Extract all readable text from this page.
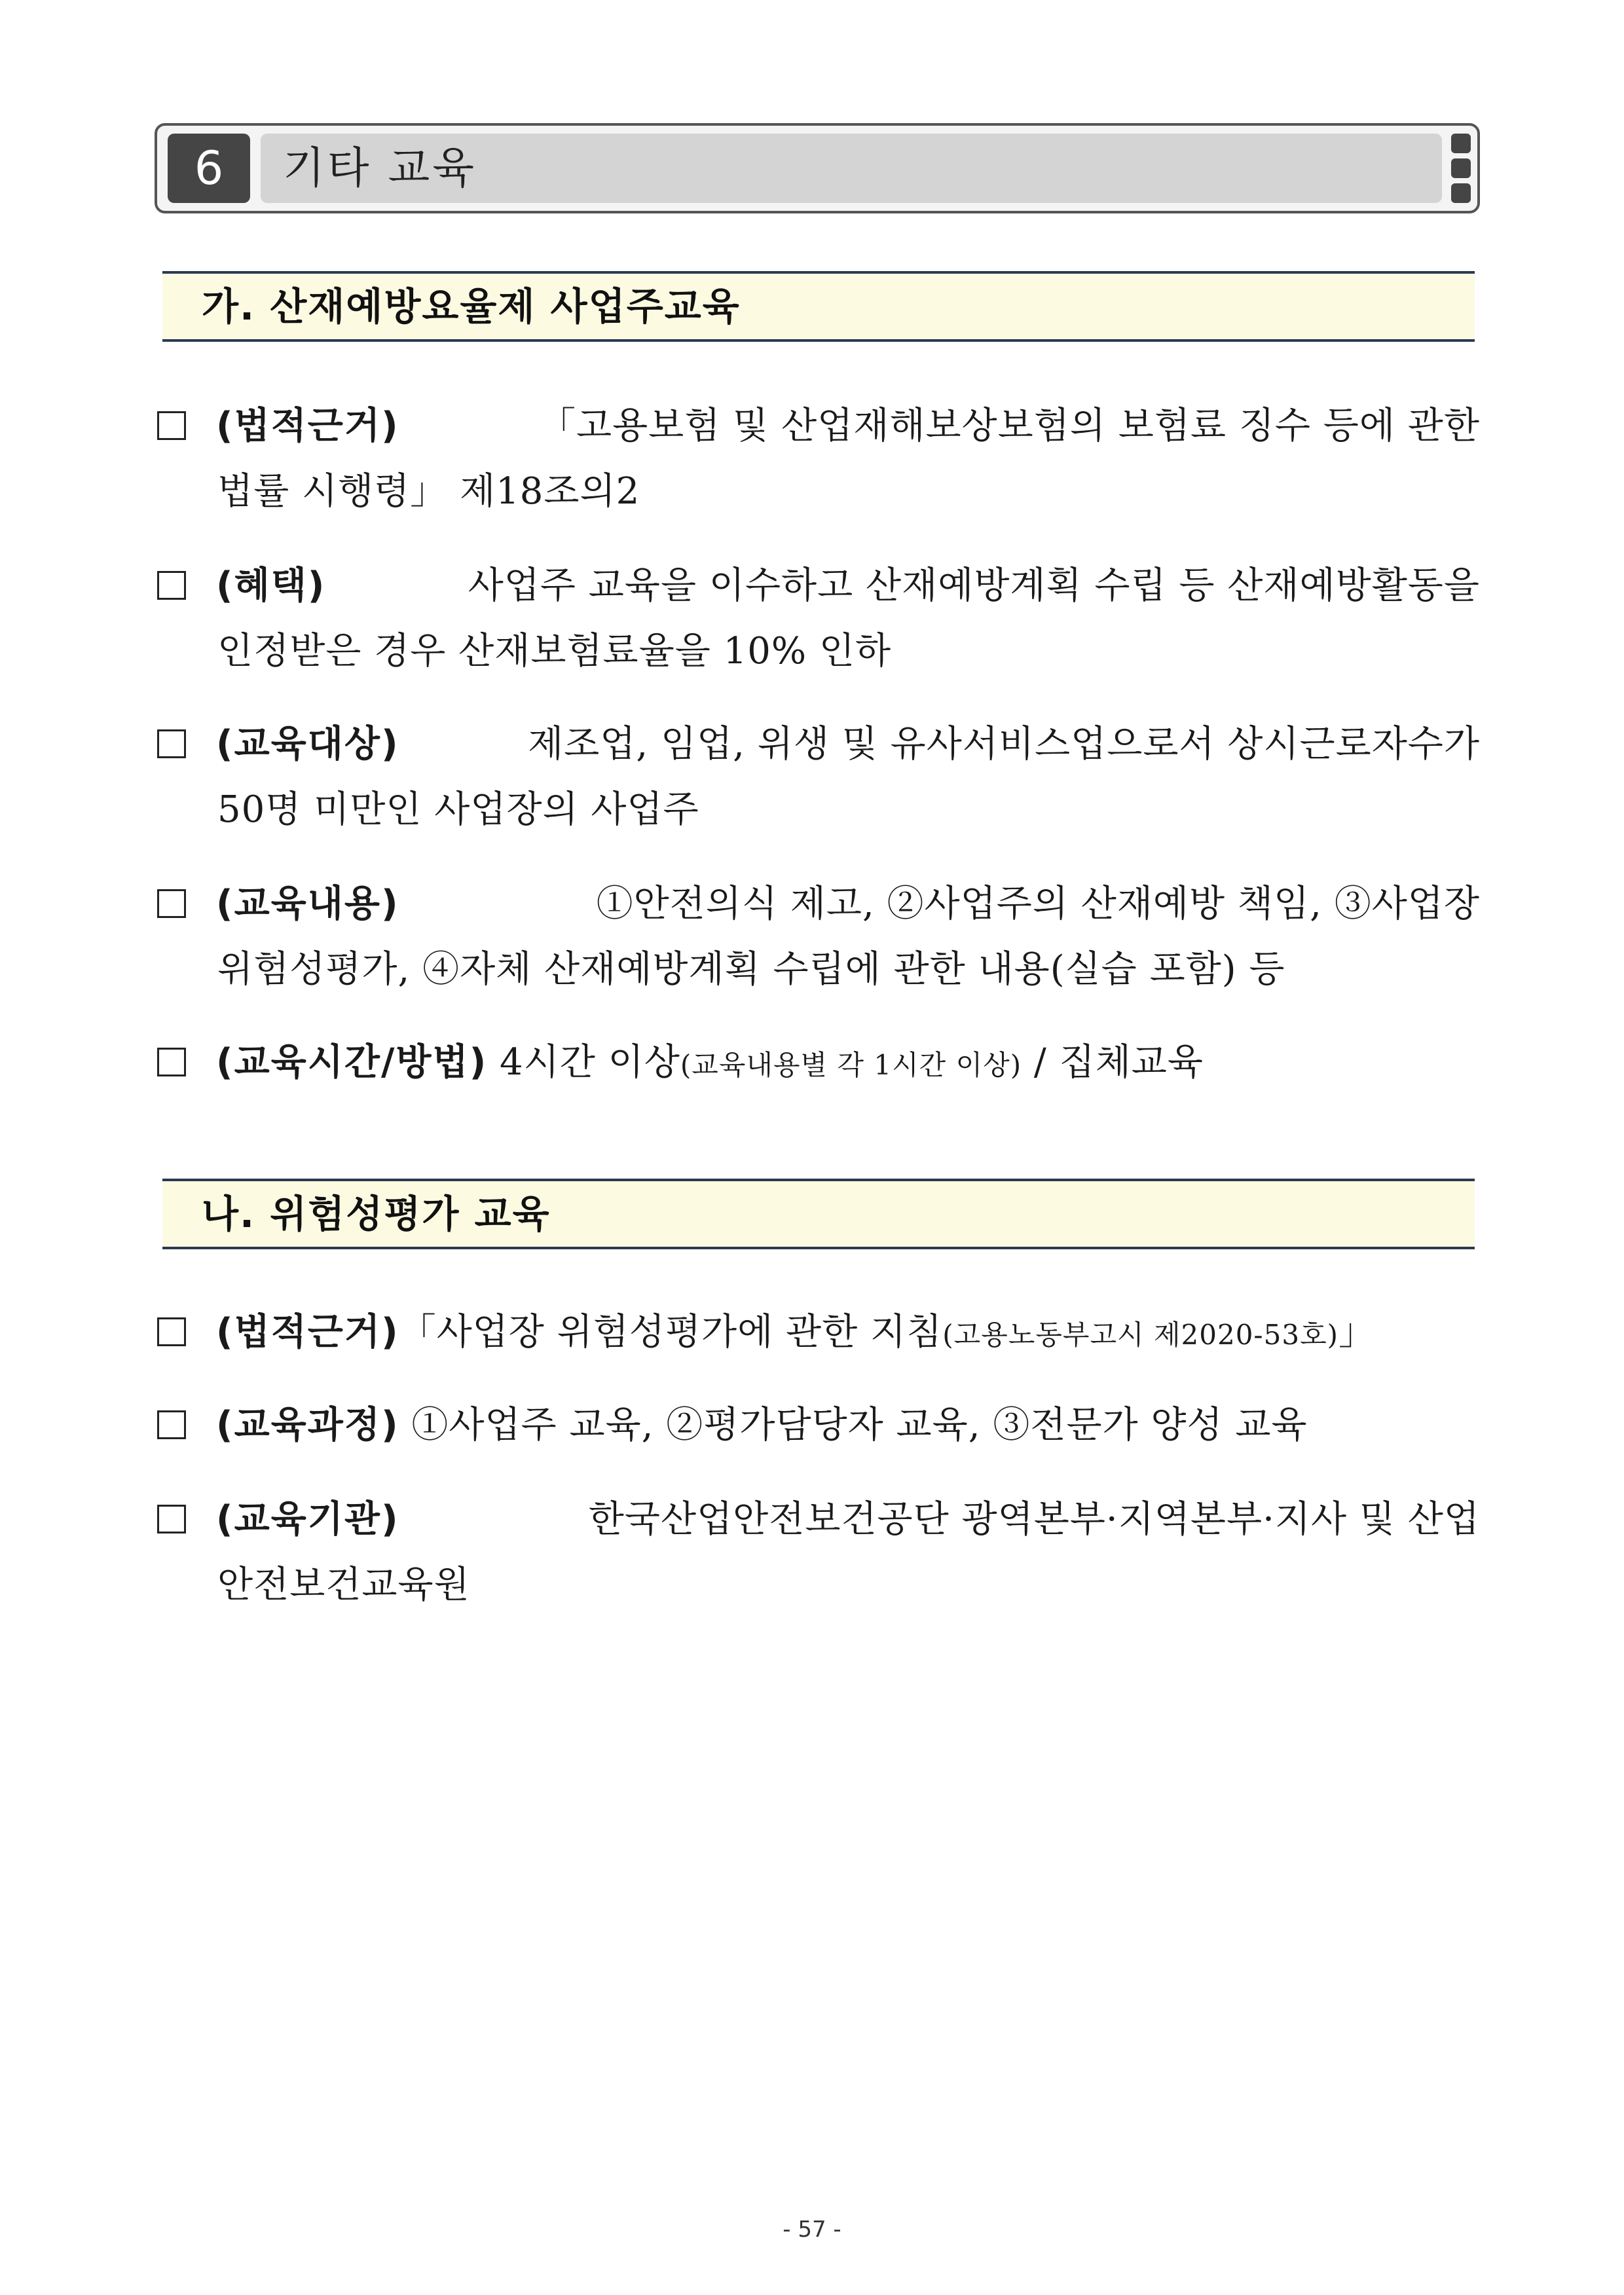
6	기타 교육
가. 산재예방요율제 사업주교육
(법적근거)	「고용보험 및 산업재해보상보험의 보험료 징수 등에 관한
법률 시행령」 제18조의2
(혜택)	사업주 교육을 이수하고 산재예방계획 수립 등 산재예방활동을
인정받은 경우 산재보험료율을 10% 인하
(교육대상)	제조업, 임업, 위생 및 유사서비스업으로서 상시근로자수가
50명 미만인 사업장의 사업주
(교육내용)	①안전의식 제고, ②사업주의 산재예방 책임, ③사업장
위험성평가, ④자체 산재예방계획 수립에 관한 내용(실습 포함) 등
(교육시간/방법) 4시간 이상(교육내용별 각 1시간 이상) / 집체교육
나. 위험성평가 교육
(법적근거)「사업장 위험성평가에 관한 지침(고용노동부고시 제2020-53호)」
(교육과정) ①사업주 교육, ②평가담당자 교육, ③전문가 양성 교육
(교육기관)	한국산업안전보건공단 광역본부·지역본부·지사 및 산업
안전보건교육원
- 57 -
